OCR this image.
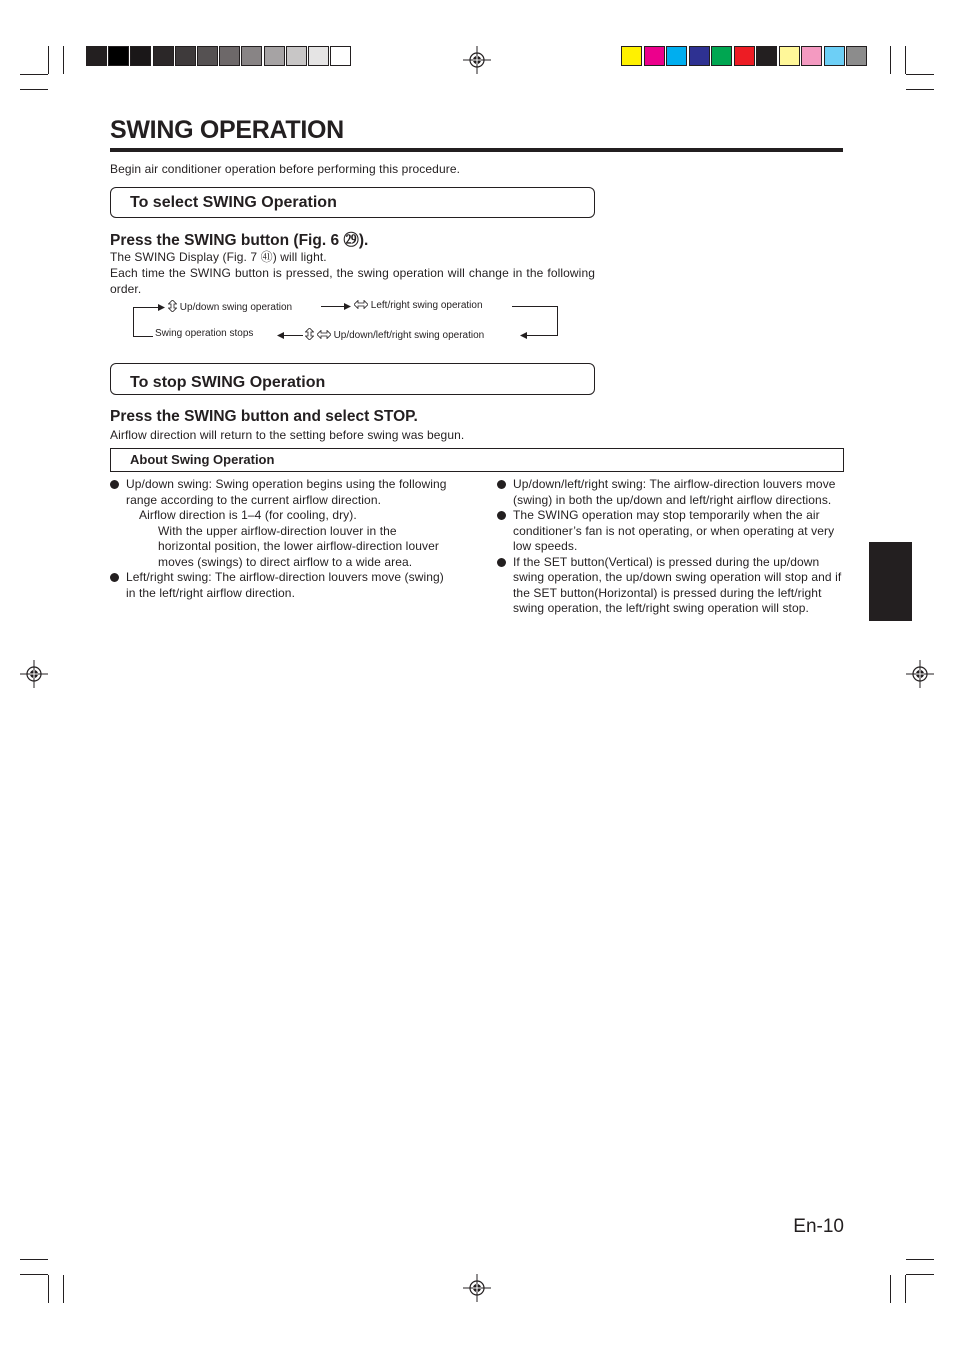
SWING OPERATION
Begin air conditioner operation before performing this procedure.
To select SWING Operation
Press the SWING button (Fig. 6 ㉙).
The SWING Display (Fig. 7 ㊶) will light.
Each time the SWING button is pressed, the swing operation will change in the following order.
Up/down swing operation	Left/right swing operation
Up/down/left/right swing operation
Swing operation stops
To stop SWING Operation
Press the SWING button and select STOP.
Airflow direction will return to the setting before swing was begun.
About Swing Operation
Up/down swing: Swing operation begins using the following range according to the current airflow direction.
Airflow direction is 1–4 (for cooling, dry).
With the upper airflow-direction louver in the horizontal position, the lower airflow-direction louver moves (swings) to direct airflow to a wide area.
Left/right swing: The airflow-direction louvers move (swing) in the left/right airflow direction.
Up/down/left/right swing: The airflow-direction louvers move (swing) in both the up/down and left/right airflow directions.
The SWING operation may stop temporarily when the air conditioner’s fan is not operating, or when operating at very low speeds.
If the SET button(Vertical) is pressed during the up/down swing operation, the up/down swing operation will stop and if the SET button(Horizontal) is pressed during the left/right swing operation, the left/right swing operation will stop.
En-10
